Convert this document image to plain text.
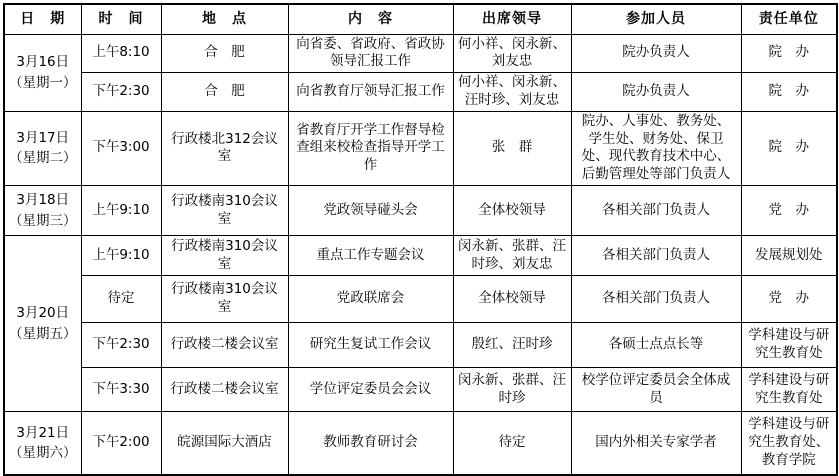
日　期	时　间	地　点	内　容	出席领导	参加人员	责任单位

3月16日
（星期一）	上午8:10	合　肥	向省委、省政府、省政协领导汇报工作	何小祥、闵永新、刘友忠	院办负责人	院　办
	下午2:30	合　肥	向省教育厅领导汇报工作	何小祥、闵永新、汪时珍、刘友忠	院办负责人	院　办

3月17日
（星期二）	下午3:00	行政楼北312会议室	省教育厅开学工作督导检查组来校检查指导开学工作	张　群	院办、人事处、教务处、学生处、财务处、保卫处、现代教育技术中心、后勤管理处等部门负责人	院　办

3月18日
（星期三）	上午9:10	行政楼南310会议室	党政领导碰头会	全体校领导	各相关部门负责人	党　办

3月20日
（星期五）	上午9:10	行政楼南310会议室	重点工作专题会议	闵永新、张群、汪时珍、刘友忠	各相关部门负责人	发展规划处
	待定	行政楼南310会议室	党政联席会	全体校领导	各相关部门负责人	党　办
	下午2:30	行政楼二楼会议室	研究生复试工作会议	殷红、汪时珍	各硕士点点长等	学科建设与研究生教育处
	下午3:30	行政楼二楼会议室	学位评定委员会会议	闵永新、张群、汪时珍	校学位评定委员会全体成员	学科建设与研究生教育处

3月21日
（星期六）	下午2:00	皖源国际大酒店	教师教育研讨会	待定	国内外相关专家学者	学科建设与研究生教育处、教育学院
